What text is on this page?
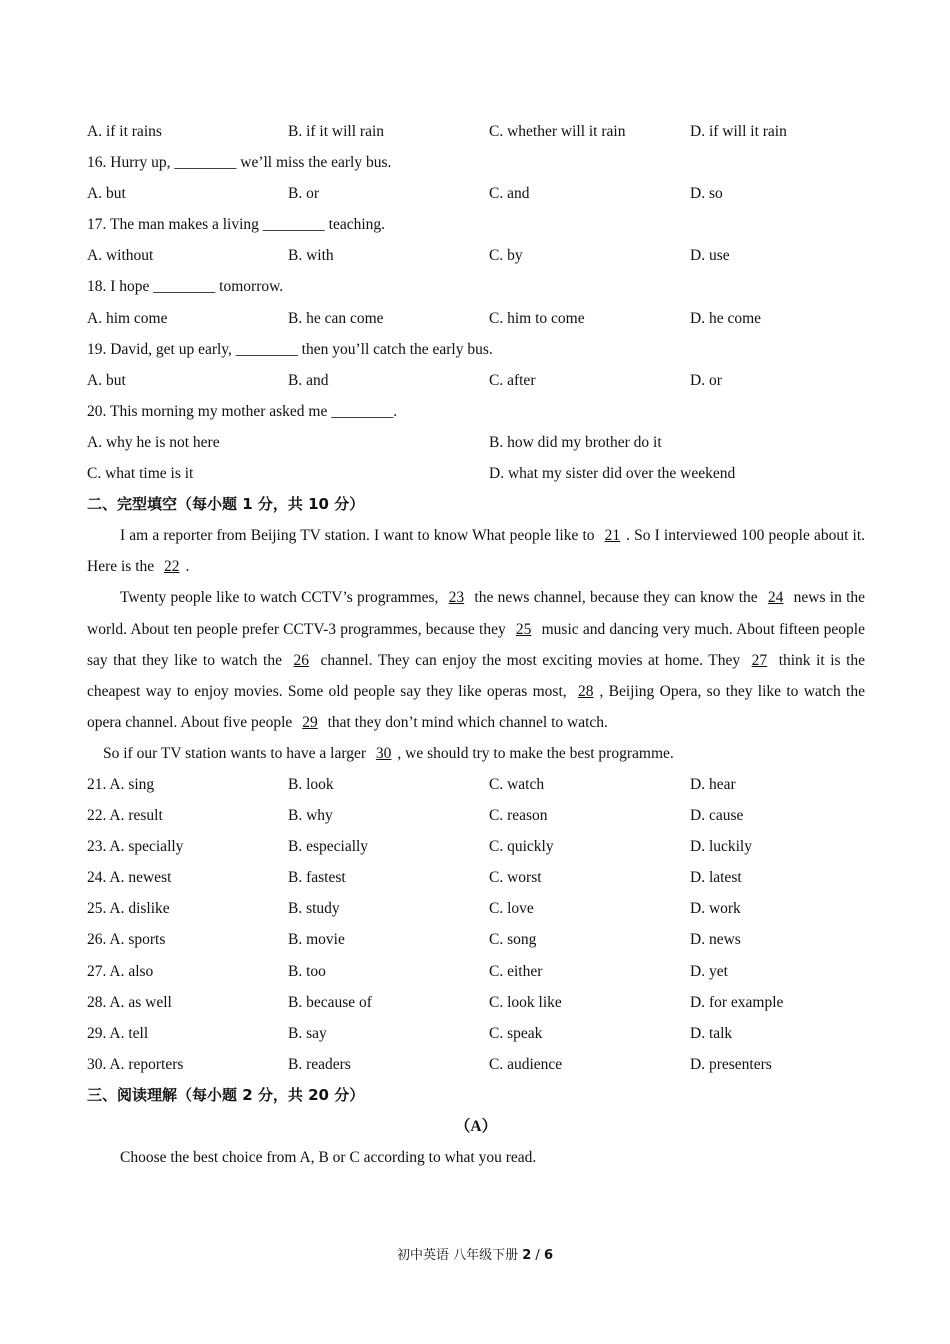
A. if it rains	B. if it will rain	C. whether will it rain	D. if will it rain
16. Hurry up, ________ we’ll miss the early bus.
A. but	B. or	C. and	D. so
17. The man makes a living ________ teaching.
A. without	B. with	C. by	D. use
18. I hope ________ tomorrow.
A. him come	B. he can come	C. him to come	D. he come
19. David, get up early, ________ then you’ll catch the early bus.
A. but	B. and	C. after	D. or
20. This morning my mother asked me ________.
A. why he is not here	B. how did my brother do it
C. what time is it	D. what my sister did over the weekend
二、完型填空（每小题 1 分，共 10 分）
I am a reporter from Beijing TV station. I want to know What people like to 21 . So I interviewed 100 people about it. Here is the 22 .
Twenty people like to watch CCTV’s programmes, 23 the news channel, because they can know the 24 news in the world. About ten people prefer CCTV-3 programmes, because they 25 music and dancing very much. About fifteen people say that they like to watch the 26 channel. They can enjoy the most exciting movies at home. They 27 think it is the cheapest way to enjoy movies. Some old people say they like operas most, 28 , Beijing Opera, so they like to watch the opera channel. About five people 29 that they don’t mind which channel to watch.
So if our TV station wants to have a larger 30 , we should try to make the best programme.
21. A. sing	B. look	C. watch	D. hear
22. A. result	B. why	C. reason	D. cause
23. A. specially	B. especially	C. quickly	D. luckily
24. A. newest	B. fastest	C. worst	D. latest
25. A. dislike	B. study	C. love	D. work
26. A. sports	B. movie	C. song	D. news
27. A. also	B. too	C. either	D. yet
28. A. as well	B. because of	C. look like	D. for example
29. A. tell	B. say	C. speak	D. talk
30. A. reporters	B. readers	C. audience	D. presenters
三、阅读理解（每小题 2 分，共 20 分）
（A）
Choose the best choice from A, B or C according to what you read.
初中英语 八年级下册 2 / 6
